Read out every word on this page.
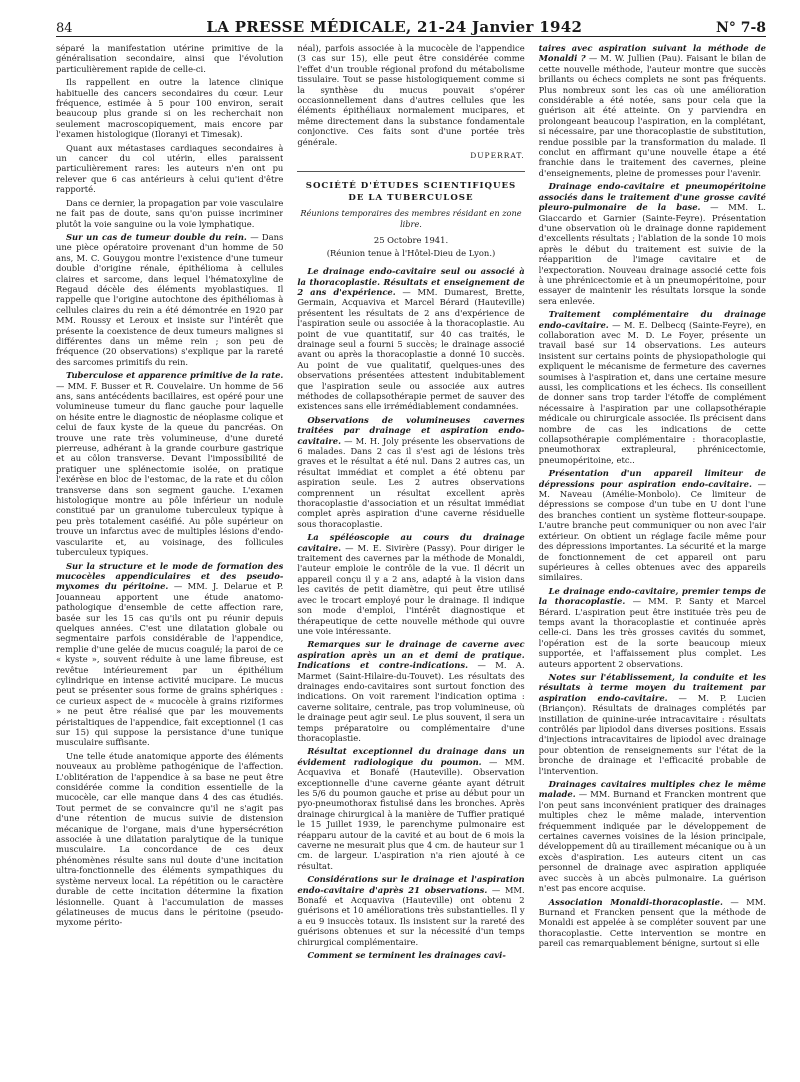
84	LA PRESSE MÉDICALE, 21-24 Janvier 1942	N° 7-8

séparé la manifestation utérine primitive de la généralisation secondaire, ainsi que l'évolution particulièrement rapide de celle-ci.

Ils rappellent en outre la latence clinique habituelle des cancers secondaires du cœur. Leur fréquence, estimée à 5 pour 100 environ, serait beaucoup plus grande si on les recherchait non seulement macroscopiquement, mais encore par l'examen histologique (Iloranyi et Timesak).

Quant aux métastases cardiaques secondaires à un cancer du col utérin, elles paraissent particulièrement rares: les auteurs n'en ont pu relever que 6 cas antérieurs à celui qu'ient d'être rapporté.

Dans ce dernier, la propagation par voie vasculaire ne fait pas de doute, sans qu'on puisse incriminer plutôt la voie sanguine ou la voie lymphatique.

Sur un cas de tumeur double du rein. — Dans une pièce opératoire provenant d'un homme de 50 ans, M. C. Gouygou montre l'existence d'une tumeur double d'origine rénale, épithélioma à cellules claires et sarcome, dans lequel l'hématoxyline de Regaud décèle des éléments myoblastiques. Il rappelle que l'origine autochtone des épithéliomas à cellules claires du rein a été démontrée en 1920 par MM. Roussy et Leroux et insiste sur l'intérêt que présente la coexistence de deux tumeurs malignes si différentes dans un même rein ; son peu de fréquence (20 observations) s'explique par la rareté des sarcomes primitifs du rein.

Tuberculose et apparence primitive de la rate. — MM. F. Busser et R. Couvelaire. Un homme de 56 ans, sans antécédents bacillaires, est opéré pour une volumineuse tumeur du flanc gauche pour laquelle on hésite entre le diagnostic de néoplasme colique et celui de faux kyste de la queue du pancréas. On trouve une rate très volumineuse, d'une dureté pierreuse, adhérant à la grande courbure gastrique et au côlon transverse. Devant l'impossibilité de pratiquer une splénectomie isolée, on pratique l'exérèse en bloc de l'estomac, de la rate et du côlon transverse dans son segment gauche. L'examen histologique montre au pôle inférieur un nodule constitué par un granulome tuberculeux typique à peu près totalement caséifié. Au pôle supérieur on trouve un infarctus avec de multiples lésions d'endo-vascularite et, au voisinage, des follicules tuberculeux typiques.

Sur la structure et le mode de formation des mucocèles appendiculaires et des pseudo-myxomes du péritoine. — MM. J. Delarue et P. Jouanneau apportent une étude anatomo-pathologique d'ensemble de cette affection rare, basée sur les 15 cas qu'ils ont pu réunir depuis quelques années. C'est une dilatation globale ou segmentaire parfois considérable de l'appendice, remplie d'une gelée de mucus coagulé; la paroi de ce « kyste », souvent réduite à une lame fibreuse, est revêtue intérieurement par un épithélium cylindrique en intense activité mucipare. Le mucus peut se présenter sous forme de grains sphériques : ce curieux aspect de « mucocèle à grains riziformes » ne peut être réalisé que par les mouvements péristaltiques de l'appendice, fait exceptionnel (1 cas sur 15) qui suppose la persistance d'une tunique musculaire suffisante.

Une telle étude anatomique apporte des éléments nouveaux au problème pathogénique de l'affection. L'oblitération de l'appendice à sa base ne peut être considérée comme la condition essentielle de la mucocèle, car elle manque dans 4 des cas étudiés. Tout permet de se convaincre qu'il ne s'agit pas d'une rétention de mucus suivie de distension mécanique de l'organe, mais d'une hypersécrétion associée à une dilatation paralytique de la tunique musculaire. La concordance de ces deux phénomènes résulte sans nul doute d'une incitation ultra-fonctionnelle des éléments sympathiques du système nerveux local. La répétition ou le caractère durable de cette incitation détermine la fixation lésionnelle. Quant à l'accumulation de masses gélatineuses de mucus dans le péritoine (pseudo-myxome périto-

néal), parfois associée à la mucocèle de l'appendice (3 cas sur 15), elle peut être considérée comme l'effet d'un trouble régional profond du métabolisme tissulaire. Tout se passe histologiquement comme si la synthèse du mucus pouvait s'opérer occasionnellement dans d'autres cellules que les éléments épithéliaux normalement mucipares, et même directement dans la substance fondamentale conjonctive. Ces faits sont d'une portée très générale.

DUPERRAT.
SOCIÉTÉ D'ÉTUDES SCIENTIFIQUES
DE LA TUBERCULOSE
Réunions temporaires des membres résidant en zone libre.
25 Octobre 1941.
(Réunion tenue à l'Hôtel-Dieu de Lyon.)

Le drainage endo-cavitaire seul ou associé à la thoracoplastie. Résultats et enseignement de 2 ans d'expérience. — MM. Dumarest, Brette, Germain, Acquaviva et Marcel Bérard (Hauteville) présentent les résultats de 2 ans d'expérience de l'aspiration seule ou associée à la thoracoplastie. Au point de vue quantitatif, sur 40 cas traités, le drainage seul a fourni 5 succès; le drainage associé avant ou après la thoracoplastie a donné 10 succès. Au point de vue qualitatif, quelques-unes des observations présentées attestent indubitablement que l'aspiration seule ou associée aux autres méthodes de collapsothérapie permet de sauver des existences sans elle irrémédiablement condamnées.

Observations de volumineuses cavernes traitées par drainage et aspiration endo-cavitaire. — M. H. Joly présente les observations de 6 malades. Dans 2 cas il s'est agi de lésions très graves et le résultat a été nul. Dans 2 autres cas, un résultat immédiat et complet a été obtenu par aspiration seule. Les 2 autres observations comprennent un résultat excellent après thoracoplastie d'association et un résultat immédiat complet après aspiration d'une caverne résiduelle sous thoracoplastie.

La spéléoscopie au cours du drainage cavitaire. — M. E. Sivirère (Passy). Pour diriger le traitement des cavernes par la méthode de Monaldi, l'auteur emploie le contrôle de la vue. Il décrit un appareil conçu il y a 2 ans, adapté à la vision dans les cavités de petit diamètre, qui peut être utilisé avec le trocart employé pour le drainage. Il indique son mode d'emploi, l'intérêt diagnostique et thérapeutique de cette nouvelle méthode qui ouvre une voie intéressante.

Remarques sur le drainage de caverne avec aspiration après un an et demi de pratique. Indications et contre-indications. — M. A. Marmet (Saint-Hilaire-du-Touvet). Les résultats des drainages endo-cavitaires sont surtout fonction des indications. On voit rarement l'indication optima : caverne solitaire, centrale, pas trop volumineuse, où le drainage peut agir seul. Le plus souvent, il sera un temps préparatoire ou complémentaire d'une thoracoplastie.

Résultat exceptionnel du drainage dans un évidement radiologique du poumon. — MM. Acquaviva et Bonafé (Hauteville). Observation exceptionnelle d'une caverne géante ayant détruit les 5/6 du poumon gauche et prise au début pour un pyo-pneumothorax fistulisé dans les bronches. Après drainage chirurgical à la manière de Tuffier pratiqué le 15 Juillet 1939, le parenchyme pulmonaire est réapparu autour de la cavité et au bout de 6 mois la caverne ne mesurait plus que 4 cm. de hauteur sur 1 cm. de largeur. L'aspiration n'a rien ajouté à ce résultat.

Considérations sur le drainage et l'aspiration endo-cavitaire d'après 21 observations. — MM. Bonafé et Acquaviva (Hauteville) ont obtenu 2 guérisons et 10 améliorations très substantielles. Il y a eu 9 insuccès totaux. Ils insistent sur la rareté des guérisons obtenues et sur la nécessité d'un temps chirurgical complémentaire.

Comment se terminent les drainages cavi-

taires avec aspiration suivant la méthode de Monaldi ? — M. W. Jullien (Pau). Faisant le bilan de cette nouvelle méthode, l'auteur montre que succès brillants ou échecs complets ne sont pas fréquents. Plus nombreux sont les cas où une amélioration considérable a été notée, sans pour cela que la guérison ait été atteinte. On y parviendra en prolongeant beaucoup l'aspiration, en la complétant, si nécessaire, par une thoracoplastie de substitution, rendue possible par la transformation du malade. Il conclut en affirmant qu'une nouvelle étape a été franchie dans le traitement des cavernes, pleine d'enseignements, pleine de promesses pour l'avenir.

Drainage endo-cavitaire et pneumopéritoine associés dans le traitement d'une grosse cavité pleuro-pulmonaire de la base. — MM. L. Giaccardo et Garnier (Sainte-Feyre). Présentation d'une observation où le drainage donne rapidement d'excellents résultats ; l'ablation de la sonde 10 mois après le début du traitement est suivie de la réapparition de l'image cavitaire et de l'expectoration. Nouveau drainage associé cette fois à une phrénicectomie et à un pneumopéritoine, pour essayer de maintenir les résultats lorsque la sonde sera enlevée.

Traitement complémentaire du drainage endo-cavitaire. — M. E. Delbecq (Sainte-Feyre), en collaboration avec M. D. Le Foyer, présente un travail basé sur 14 observations. Les auteurs insistent sur certains points de physiopathologie qui expliquent le mécanisme de fermeture des cavernes soumises à l'aspiration et, dans une certaine mesure aussi, les complications et les échecs. Ils conseillent de donner sans trop tarder l'étoffe de complément nécessaire à l'aspiration par une collapsothérapie médicale ou chirurgicale associée. Ils précisent dans nombre de cas les indications de cette collapsothérapie complémentaire : thoracoplastie, pneumothorax extrapleural, phrénicectomie, pneumopéritoine, etc..

Présentation d'un appareil limiteur de dépressions pour aspiration endo-cavitaire. — M. Naveau (Amélie-Monbolo). Ce limiteur de dépressions se compose d'un tube en U dont l'une des branches contient un système flotteur-soupape. L'autre branche peut communiquer ou non avec l'air extérieur. On obtient un réglage facile même pour des dépressions importantes. La sécurité et la marge de fonctionnement de cet appareil ont paru supérieures à celles obtenues avec des appareils similaires.

Le drainage endo-cavitaire, premier temps de la thoracoplastie. — MM. P. Santy et Marcel Bérard. L'aspiration peut être instituée très peu de temps avant la thoracoplastie et continuée après celle-ci. Dans les très grosses cavités du sommet, l'opération est de la sorte beaucoup mieux supportée, et l'affaissement plus complet. Les auteurs apportent 2 observations.

Notes sur l'établissement, la conduite et les résultats à terme moyen du traitement par aspiration endo-cavitaire. — M. P. Lucien (Briançon). Résultats de drainages complétés par instillation de quinine-urée intracavitaire : résultats contrôlés par lipiodol dans diverses positions. Essais d'injections intracavitaires de lipiodol avec drainage pour obtention de renseignements sur l'état de la bronche de drainage et l'efficacité probable de l'intervention.

Drainages cavitaires multiples chez le même malade. — MM. Burnand et Francken montrent que l'on peut sans inconvénient pratiquer des drainages multiples chez le même malade, intervention fréquemment indiquée par le développement de certaines cavernes voisines de la lésion principale, développement dû au tiraillement mécanique ou à un excès d'aspiration. Les auteurs citent un cas personnel de drainage avec aspiration appliquée avec succès à un abcès pulmonaire. La guérison n'est pas encore acquise.

Association Monaldi-thoracoplastie. — MM. Burnand et Francken pensent que la méthode de Monaldi est appelée à se compléter souvent par une thoracoplastie. Cette intervention se montre en pareil cas remarquablement bénigne, surtout si elle
